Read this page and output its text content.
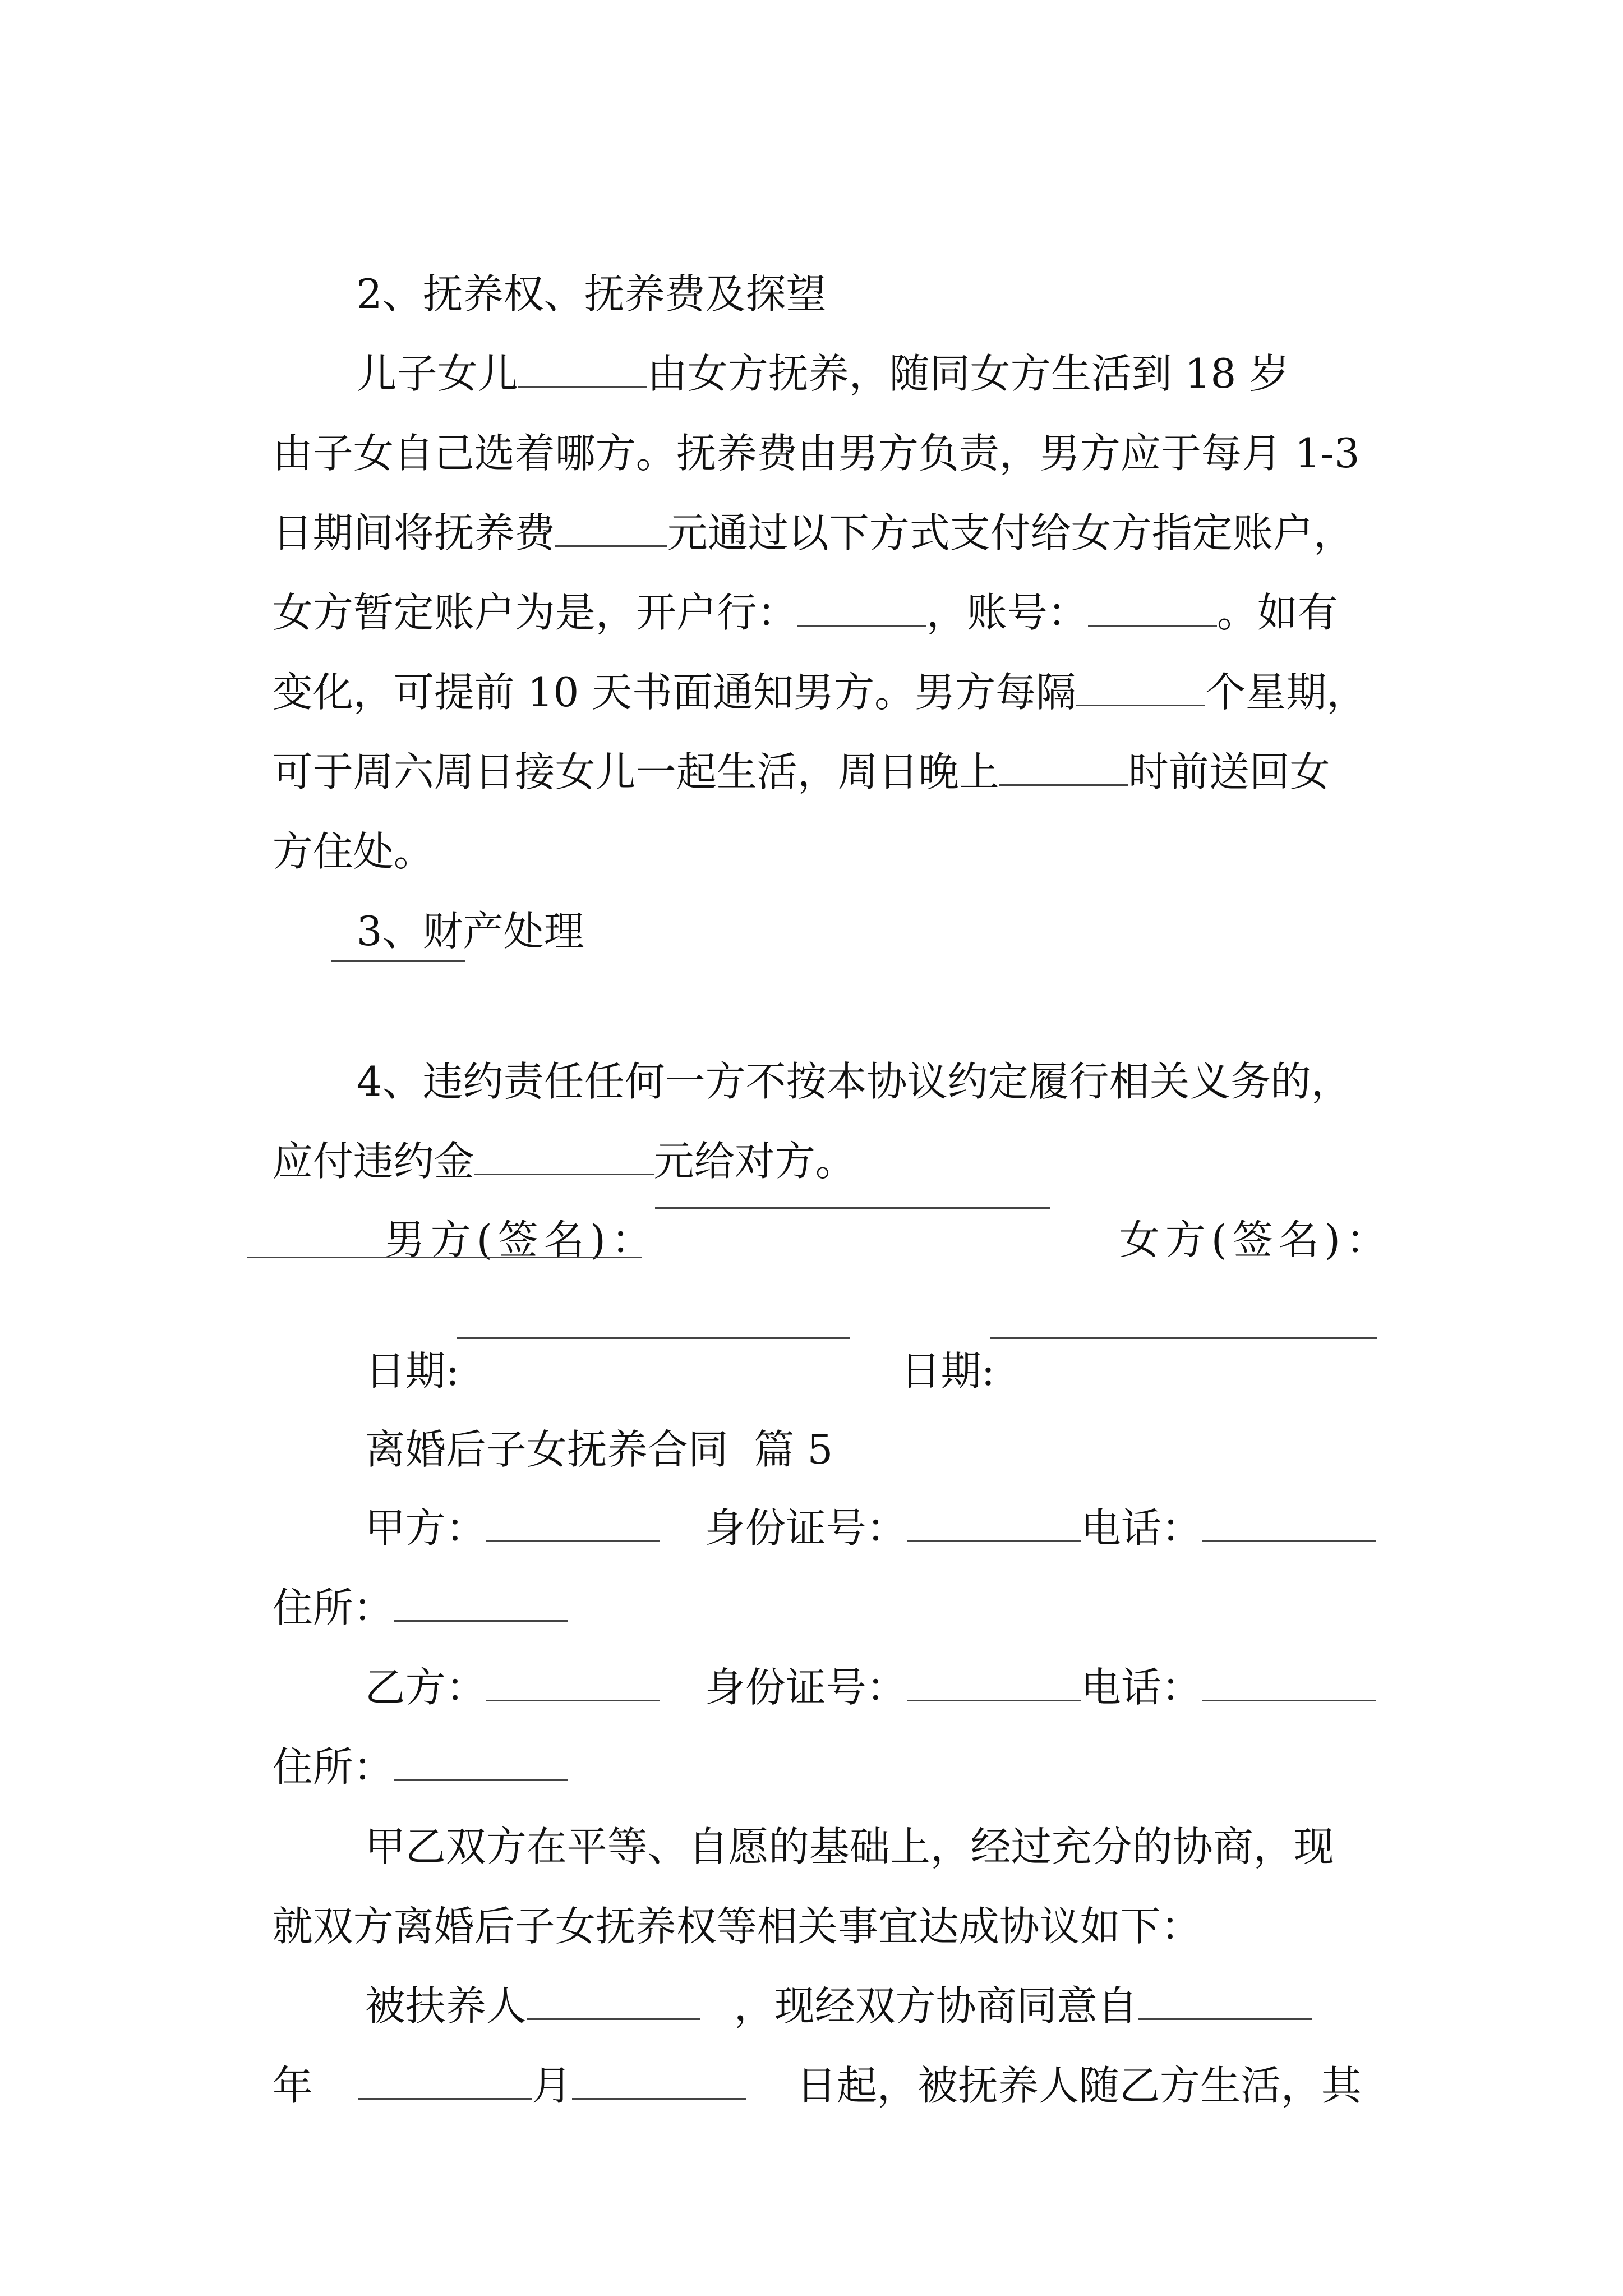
2、抚养权、抚养费及探望

儿子女儿	由女方抚养，随同女方生活到 18 岁

由子女自己选着哪方。抚养费由男方负责，男方应于每月 1-3

日期间将抚养费	元通过以下方式支付给女方指定账户，

女方暂定账户为是，开户行：	，账号：	。如有

变化，可提前 10 天书面通知男方。男方每隔	个星期，

可于周六周日接女儿一起生活，周日晚上	时前送回女

方住处。

3、财产处理

4、违约责任任何一方不按本协议约定履行相关义务的，

应付违约金	元给对方。

男方(签名)：	女方(签名)：

日期:	日期:

离婚后子女抚养合同  篇 5

甲方：	身份证号：	电话：

住所：

乙方：	身份证号：	电话：

住所：

甲乙双方在平等、自愿的基础上，经过充分的协商，现

就双方离婚后子女抚养权等相关事宜达成协议如下：

被扶养人	，现经双方协商同意自

年	月	日起，被抚养人随乙方生活，其
